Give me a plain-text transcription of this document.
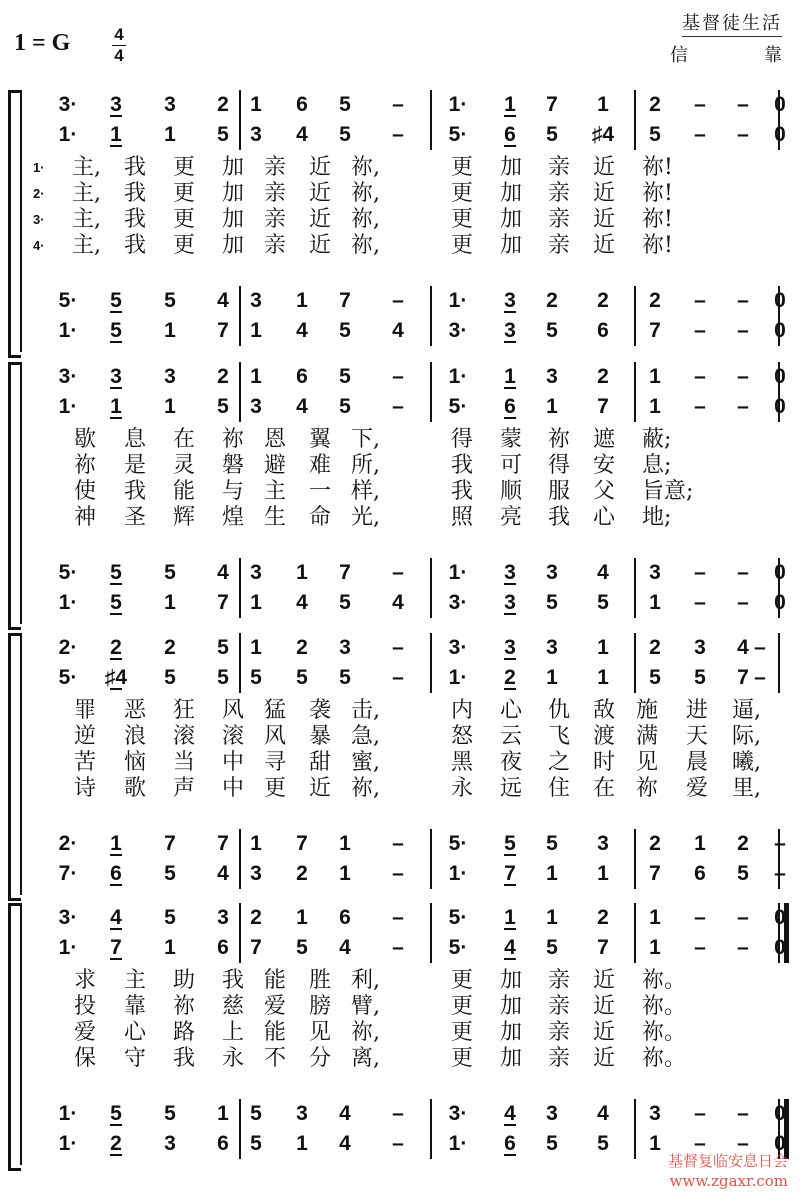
1 = G	4
4
基督徒生活
信	靠
3· 3 3 2 1 6 5 – 1· 1 7 1 2 – – 0
1· 1 1 5 3 4 5 – 5· 6 5 ♯4 5 – – 0
5· 5 5 4 3 1 7 – 1· 3 2 2 2 – – 0
1· 5 1 7 1 4 5 4 3· 3 5 6 7 – – 0
1· 主, 我 更 加 亲 近 祢,	更 加 亲 近 祢!
2· 主, 我 更 加 亲 近 祢,	更 加 亲 近 祢!
3· 主, 我 更 加 亲 近 祢,	更 加 亲 近 祢!
4· 主, 我 更 加 亲 近 祢,	更 加 亲 近 祢!
3· 3 3 2 1 6 5 – 1· 1 3 2 1 – – 0
1· 1 1 5 3 4 5 – 5· 6 1 7 1 – – 0
5· 5 5 4 3 1 7 – 1· 3 3 4 3 – – 0
1· 5 1 7 1 4 5 4 3· 3 5 5 1 – – 0
歇 息 在 祢 恩 翼 下,	得 蒙 祢 遮 蔽;
祢 是 灵 磐 避 难 所,	我 可 得 安 息;
使 我 能 与 主 一 样,	我 顺 服 父 旨意;
神 圣 辉 煌 生 命 光,	照 亮 我 心 地;
2· 2 2 5 1 2 3 – 3· 3 3 1 2 3 4 –
5· ♯4 5 5 5 5 5 – 1· 2 1 1 5 5 7 –
2· 1 7 7 1 7 1 – 5· 5 5 3 2 1 2 –
7· 6 5 4 3 2 1 – 1· 7 1 1 7 6 5 –
罪 恶 狂 风 猛 袭 击,	内 心 仇 敌 施 进 逼,
逆 浪 滚 滚 风 暴 急,	怒 云 飞 渡 满 天 际,
苦 恼 当 中 寻 甜 蜜,	黑 夜 之 时 见 晨 曦,
诗 歌 声 中 更 近 祢,	永 远 住 在 祢 爱 里,
3· 4 5 3 2 1 6 – 5· 1 1 2 1 – – 0
1· 7 1 6 7 5 4 – 5· 4 5 7 1 – – 0
1· 5 5 1 5 3 4 – 3· 4 3 4 3 – – 0
1· 2 3 6 5 1 4 – 1· 6 5 5 1 – – 0
求 主 助 我 能 胜 利,	更 加 亲 近 祢。
投 靠 祢 慈 爱 膀 臂,	更 加 亲 近 祢。
爱 心 路 上 能 见 祢,	更 加 亲 近 祢。
保 守 我 永 不 分 离,	更 加 亲 近 祢。
基督复临安息日会
www.zgaxr.com
